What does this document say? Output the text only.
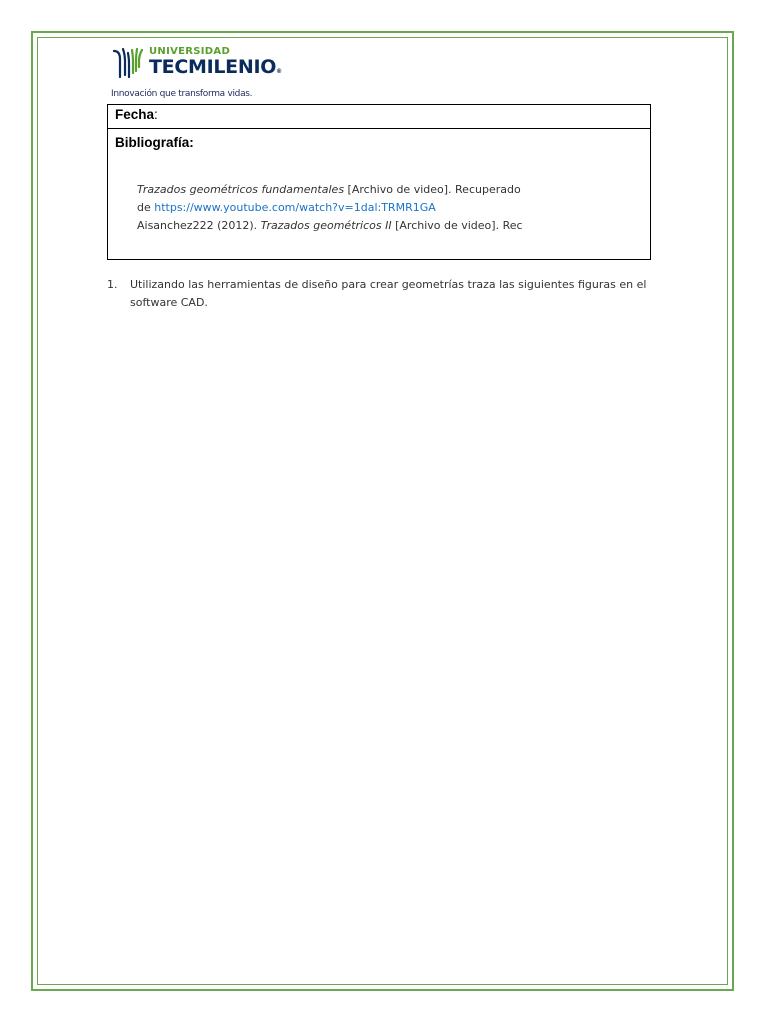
UNIVERSIDAD
TECMILENIO®
Innovación que transforma vidas.
Fecha:
Bibliografía:
Trazados geométricos fundamentales [Archivo de video]. Recuperado
de https://www.youtube.com/watch?v=1dal:TRMR1GA
Aisanchez222 (2012). Trazados geométricos II [Archivo de video]. Rec
1. Utilizando las herramientas de diseño para crear geometrías traza las siguientes figuras en el software CAD.
